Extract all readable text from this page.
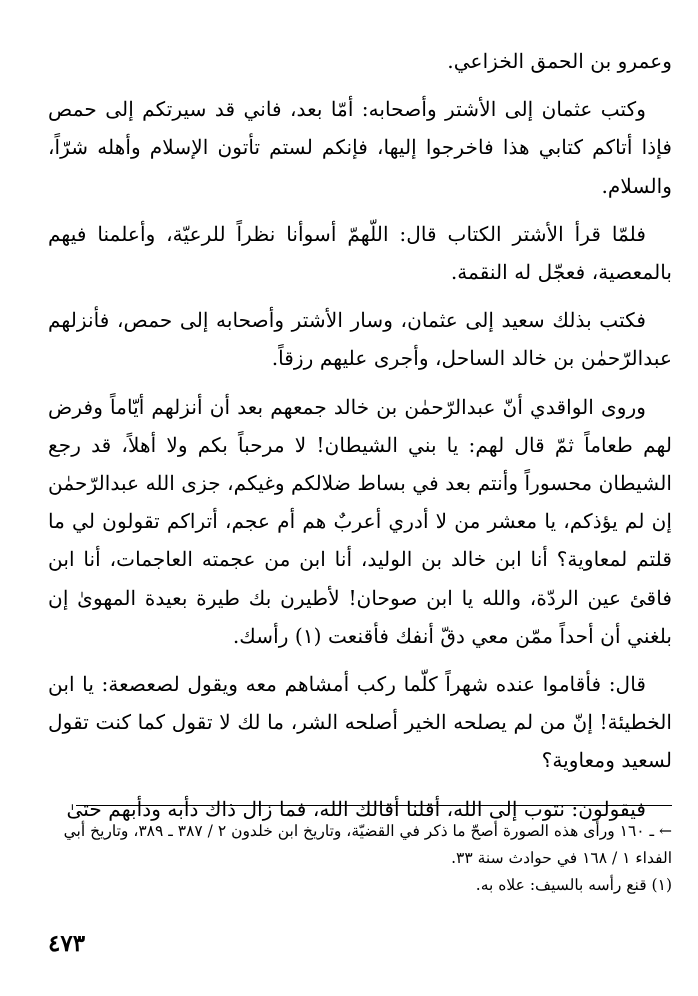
وعمرو بن الحمق الخزاعي.

وكتب عثمان إلى الأشتر وأصحابه: أمّا بعد، فاني قد سيرتكم إلى حمص فإذا أتاكم كتابي هذا فاخرجوا إليها، فإنكم لستم تأتون الإسلام وأهله شرّاً، والسلام.

فلمّا قرأ الأشتر الكتاب قال: اللّهمّ أسوأنا نظراً للرعيّة، وأعلمنا فيهم بالمعصية، فعجّل له النقمة.

فكتب بذلك سعيد إلى عثمان، وسار الأشتر وأصحابه إلى حمص، فأنزلهم عبدالرّحمٰن بن خالد الساحل، وأجرى عليهم رزقاً.

وروى الواقدي أنّ عبدالرّحمٰن بن خالد جمعهم بعد أن أنزلهم أيّاماً وفرض لهم طعاماً ثمّ قال لهم: يا بني الشيطان! لا مرحباً بكم ولا أهلاً، قد رجع الشيطان محسوراً وأنتم بعد في بساط ضلالكم وغيكم، جزى الله عبدالرّحمٰن إن لم يؤذكم، يا معشر من لا أدري أعربٌ هم أم عجم، أتراكم تقولون لي ما قلتم لمعاوية؟ أنا ابن خالد بن الوليد، أنا ابن من عجمته العاجمات، أنا ابن فاقئ عين الردّة، والله يا ابن صوحان! لأطيرن بك طيرة بعيدة المهوىٰ إن بلغني أن أحداً ممّن معي دقّ أنفك فأقنعت (١) رأسك.

قال: فأقاموا عنده شهراً كلّما ركب أمشاهم معه ويقول لصعصعة: يا ابن الخطيئة! إنّ من لم يصلحه الخير أصلحه الشر، ما لك لا تقول كما كنت تقول لسعيد ومعاوية؟

فيقولون: نتوب إلى الله، أقلنا أقالك الله، فما زال ذاك دأبه ودأبهم حتىٰ

← ـ ١٦٠ ورأى هذه الصورة أصحّ ما ذكر في القضيّة، وتاريخ ابن خلدون ٢ / ٣٨٧ ـ ٣٨٩، وتاريخ أبي الفداء ١ / ١٦٨ في حوادث سنة ٣٣.

(١) قنع رأسه بالسيف: علاه به.

٤٧٣
